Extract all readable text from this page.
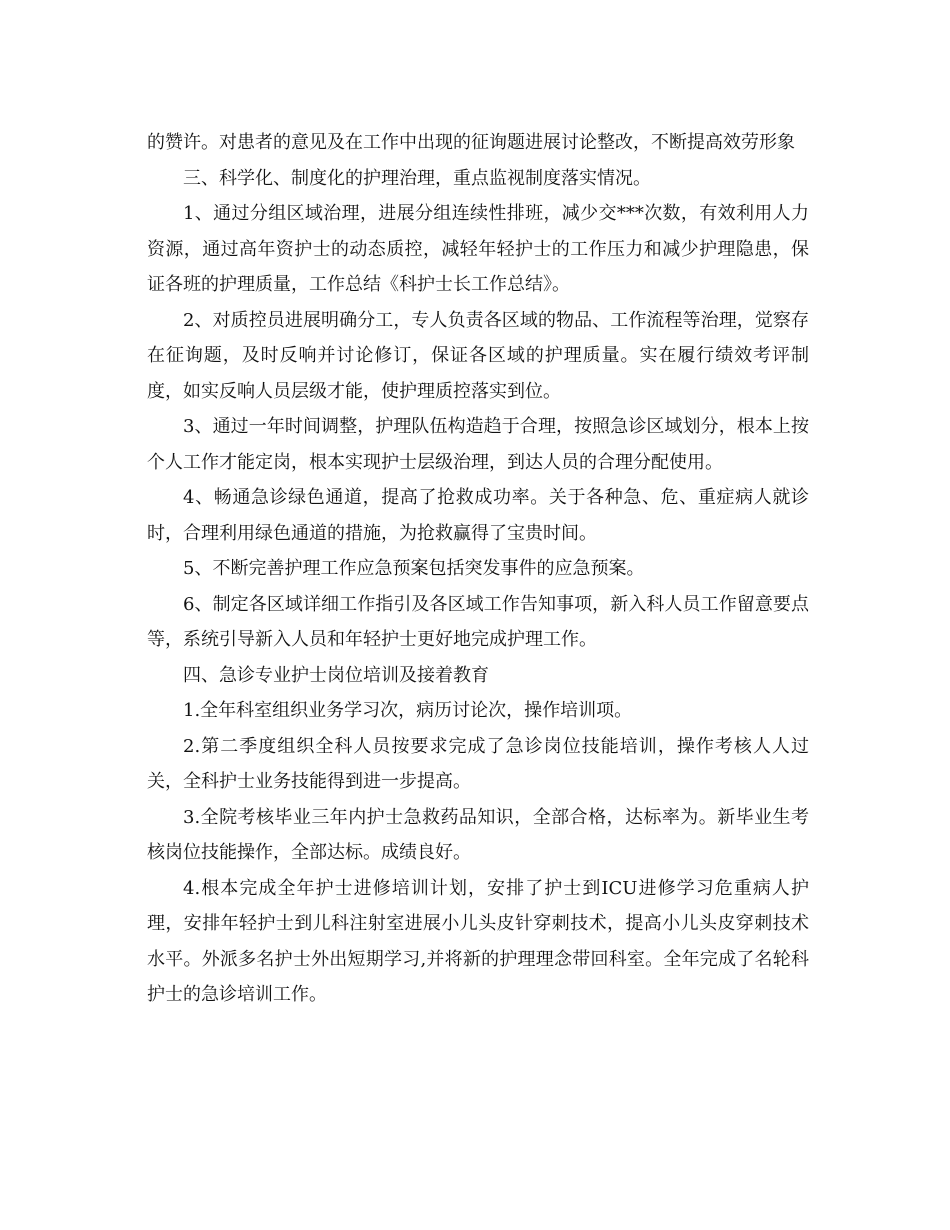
的赞许。对患者的意见及在工作中出现的征询题进展讨论整改，不断提高效劳形象

三、科学化、制度化的护理治理，重点监视制度落实情况。

1、通过分组区域治理，进展分组连续性排班，减少交***次数，有效利用人力资源，通过高年资护士的动态质控，减轻年轻护士的工作压力和减少护理隐患，保证各班的护理质量，工作总结《科护士长工作总结》。

2、对质控员进展明确分工，专人负责各区域的物品、工作流程等治理，觉察存在征询题，及时反响并讨论修订，保证各区域的护理质量。实在履行绩效考评制度，如实反响人员层级才能，使护理质控落实到位。

3、通过一年时间调整，护理队伍构造趋于合理，按照急诊区域划分，根本上按个人工作才能定岗，根本实现护士层级治理，到达人员的合理分配使用。

4、畅通急诊绿色通道，提高了抢救成功率。关于各种急、危、重症病人就诊时，合理利用绿色通道的措施，为抢救赢得了宝贵时间。

5、不断完善护理工作应急预案包括突发事件的应急预案。

6、制定各区域详细工作指引及各区域工作告知事项，新入科人员工作留意要点等，系统引导新入人员和年轻护士更好地完成护理工作。

四、急诊专业护士岗位培训及接着教育

1.全年科室组织业务学习次，病历讨论次，操作培训项。

2.第二季度组织全科人员按要求完成了急诊岗位技能培训，操作考核人人过关，全科护士业务技能得到进一步提高。

3.全院考核毕业三年内护士急救药品知识，全部合格，达标率为。新毕业生考核岗位技能操作，全部达标。成绩良好。

4.根本完成全年护士进修培训计划，安排了护士到ICU进修学习危重病人护理，安排年轻护士到儿科注射室进展小儿头皮针穿刺技术，提高小儿头皮穿刺技术水平。外派多名护士外出短期学习,并将新的护理理念带回科室。全年完成了名轮科护士的急诊培训工作。
